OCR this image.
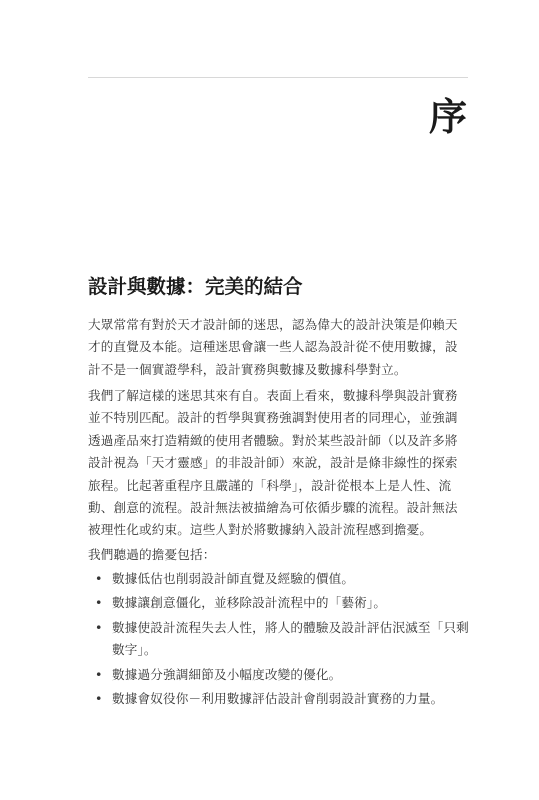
序
設計與數據：完美的結合

大眾常常有對於天才設計師的迷思，認為偉大的設計決策是仰賴天才的直覺及本能。這種迷思會讓一些人認為設計從不使用數據，設計不是一個實證學科，設計實務與數據及數據科學對立。

我們了解這樣的迷思其來有自。表面上看來，數據科學與設計實務並不特別匹配。設計的哲學與實務強調對使用者的同理心，並強調透過產品來打造精緻的使用者體驗。對於某些設計師（以及許多將設計視為「天才靈感」的非設計師）來說，設計是條非線性的探索旅程。比起著重程序且嚴謹的「科學」，設計從根本上是人性、流動、創意的流程。設計無法被描繪為可依循步驟的流程。設計無法被理性化或約束。這些人對於將數據納入設計流程感到擔憂。

我們聽過的擔憂包括：

• 數據低估也削弱設計師直覺及經驗的價值。
• 數據讓創意僵化，並移除設計流程中的「藝術」。
• 數據使設計流程失去人性，將人的體驗及設計評估泯滅至「只剩數字」。
• 數據過分強調細節及小幅度改變的優化。
• 數據會奴役你－利用數據評估設計會削弱設計實務的力量。
